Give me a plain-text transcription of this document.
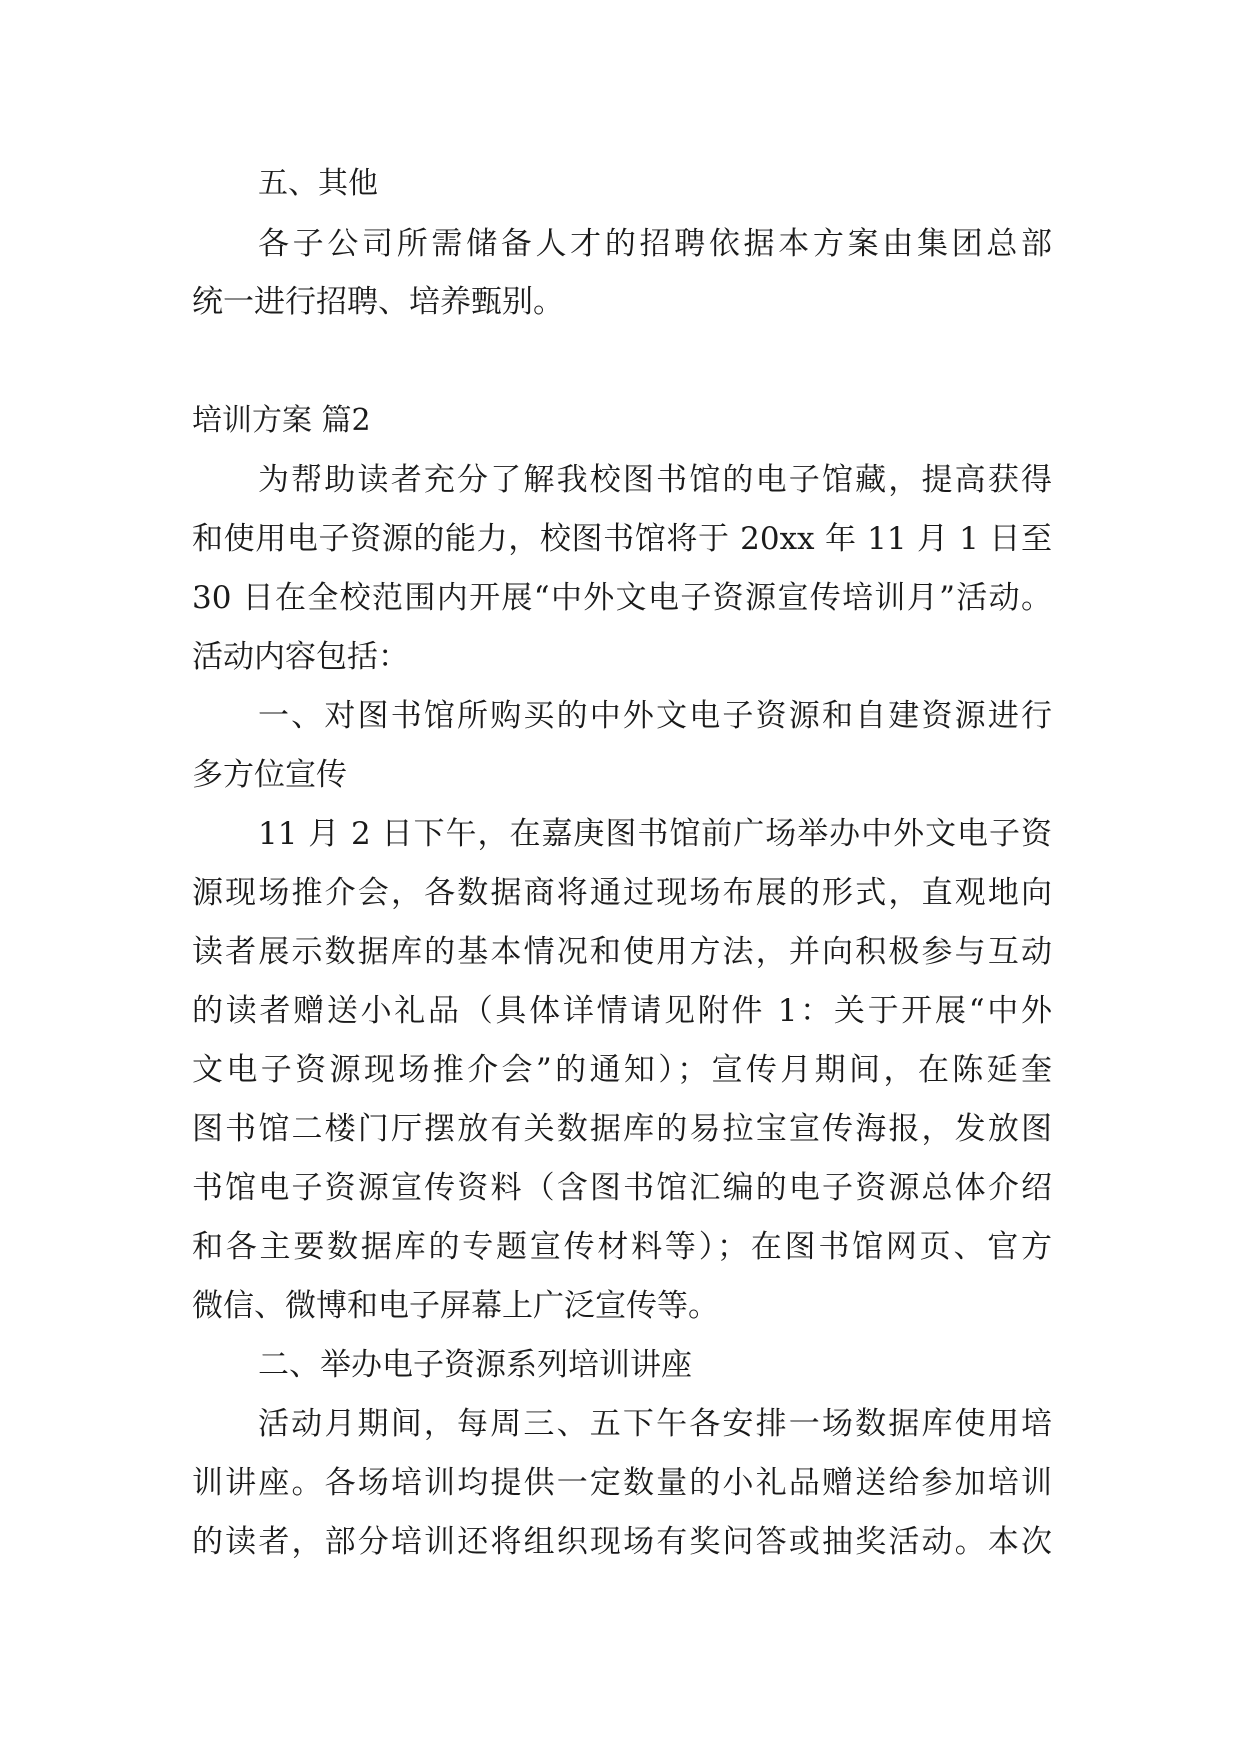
五、其他
各子公司所需储备人才的招聘依据本方案由集团总部
统一进行招聘、培养甄别。
培训方案 篇2
为帮助读者充分了解我校图书馆的电子馆藏，提高获得
和使用电子资源的能力，校图书馆将于 20xx 年 11 月 1 日至
30 日在全校范围内开展“中外文电子资源宣传培训月”活动。
活动内容包括：
一、对图书馆所购买的中外文电子资源和自建资源进行
多方位宣传
11 月 2 日下午，在嘉庚图书馆前广场举办中外文电子资
源现场推介会，各数据商将通过现场布展的形式，直观地向
读者展示数据库的基本情况和使用方法，并向积极参与互动
的读者赠送小礼品（具体详情请见附件 1：关于开展“中外
文电子资源现场推介会”的通知）；宣传月期间，在陈延奎
图书馆二楼门厅摆放有关数据库的易拉宝宣传海报，发放图
书馆电子资源宣传资料（含图书馆汇编的电子资源总体介绍
和各主要数据库的专题宣传材料等）；在图书馆网页、官方
微信、微博和电子屏幕上广泛宣传等。
二、举办电子资源系列培训讲座
活动月期间，每周三、五下午各安排一场数据库使用培
训讲座。各场培训均提供一定数量的小礼品赠送给参加培训
的读者，部分培训还将组织现场有奖问答或抽奖活动。本次
